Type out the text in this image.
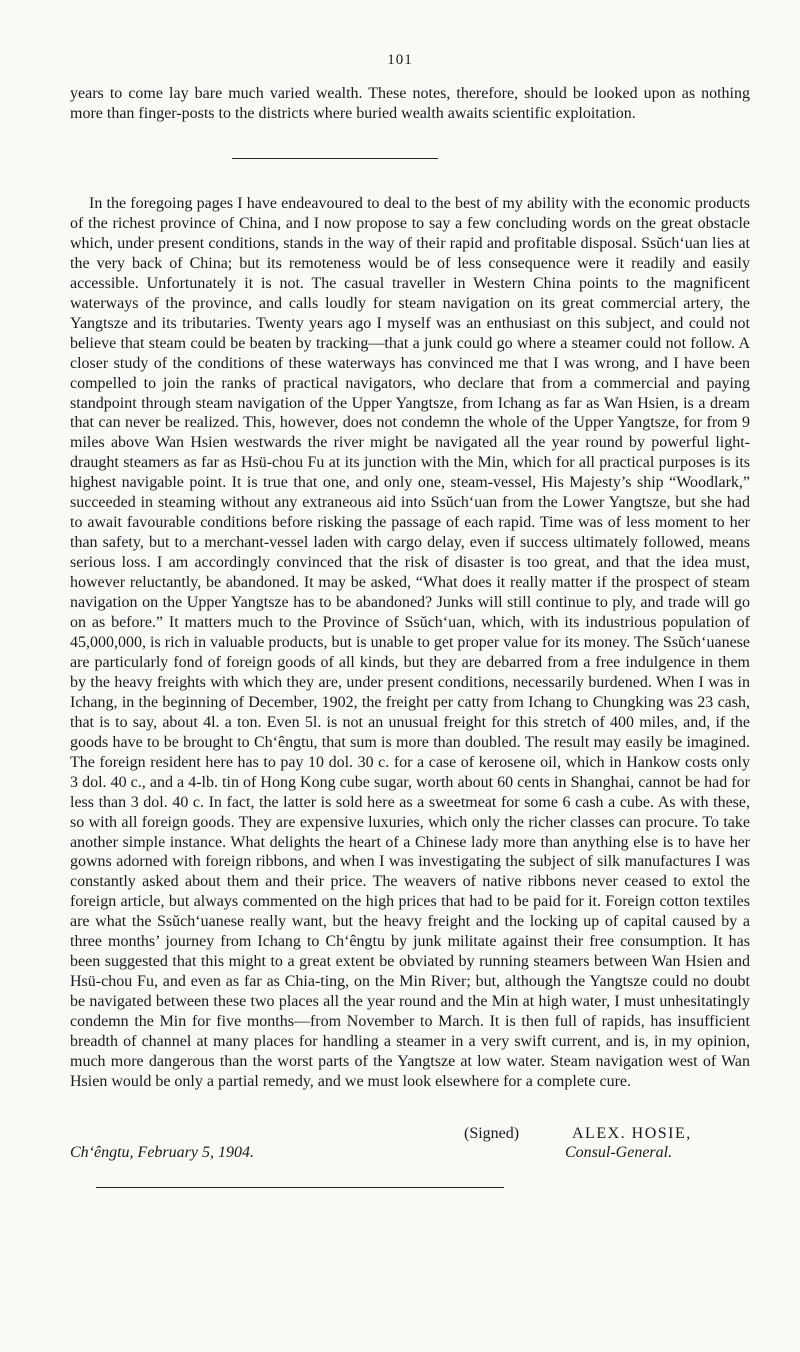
101
years to come lay bare much varied wealth. These notes, therefore, should be looked upon as nothing more than finger-posts to the districts where buried wealth awaits scientific exploitation.

In the foregoing pages I have endeavoured to deal to the best of my ability with the economic products of the richest province of China, and I now propose to say a few concluding words on the great obstacle which, under present conditions, stands in the way of their rapid and profitable disposal. Ssŭch‘uan lies at the very back of China; but its remoteness would be of less consequence were it readily and easily accessible. Unfortunately it is not. The casual traveller in Western China points to the magnificent waterways of the province, and calls loudly for steam navigation on its great commercial artery, the Yangtsze and its tributaries. Twenty years ago I myself was an enthusiast on this subject, and could not believe that steam could be beaten by tracking—that a junk could go where a steamer could not follow. A closer study of the conditions of these waterways has convinced me that I was wrong, and I have been compelled to join the ranks of practical navigators, who declare that from a commercial and paying standpoint through steam navigation of the Upper Yangtsze, from Ichang as far as Wan Hsien, is a dream that can never be realized. This, however, does not condemn the whole of the Upper Yangtsze, for from 9 miles above Wan Hsien westwards the river might be navigated all the year round by powerful light-draught steamers as far as Hsü-chou Fu at its junction with the Min, which for all practical purposes is its highest navigable point. It is true that one, and only one, steam-vessel, His Majesty’s ship “Woodlark,” succeeded in steaming without any extraneous aid into Ssŭch‘uan from the Lower Yangtsze, but she had to await favourable conditions before risking the passage of each rapid. Time was of less moment to her than safety, but to a merchant-vessel laden with cargo delay, even if success ultimately followed, means serious loss. I am accordingly convinced that the risk of disaster is too great, and that the idea must, however reluctantly, be abandoned. It may be asked, “What does it really matter if the prospect of steam navigation on the Upper Yangtsze has to be abandoned? Junks will still continue to ply, and trade will go on as before.” It matters much to the Province of Ssŭch‘uan, which, with its industrious population of 45,000,000, is rich in valuable products, but is unable to get proper value for its money. The Ssŭch‘uanese are particularly fond of foreign goods of all kinds, but they are debarred from a free indulgence in them by the heavy freights with which they are, under present conditions, necessarily burdened. When I was in Ichang, in the beginning of December, 1902, the freight per catty from Ichang to Chungking was 23 cash, that is to say, about 4l. a ton. Even 5l. is not an unusual freight for this stretch of 400 miles, and, if the goods have to be brought to Ch‘êngtu, that sum is more than doubled. The result may easily be imagined. The foreign resident here has to pay 10 dol. 30 c. for a case of kerosene oil, which in Hankow costs only 3 dol. 40 c., and a 4-lb. tin of Hong Kong cube sugar, worth about 60 cents in Shanghai, cannot be had for less than 3 dol. 40 c. In fact, the latter is sold here as a sweetmeat for some 6 cash a cube. As with these, so with all foreign goods. They are expensive luxuries, which only the richer classes can procure. To take another simple instance. What delights the heart of a Chinese lady more than anything else is to have her gowns adorned with foreign ribbons, and when I was investigating the subject of silk manufactures I was constantly asked about them and their price. The weavers of native ribbons never ceased to extol the foreign article, but always commented on the high prices that had to be paid for it. Foreign cotton textiles are what the Ssŭch‘uanese really want, but the heavy freight and the locking up of capital caused by a three months’ journey from Ichang to Ch‘êngtu by junk militate against their free consumption. It has been suggested that this might to a great extent be obviated by running steamers between Wan Hsien and Hsü-chou Fu, and even as far as Chia-ting, on the Min River; but, although the Yangtsze could no doubt be navigated between these two places all the year round and the Min at high water, I must unhesitatingly condemn the Min for five months—from November to March. It is then full of rapids, has insufficient breadth of channel at many places for handling a steamer in a very swift current, and is, in my opinion, much more dangerous than the worst parts of the Yangtsze at low water. Steam navigation west of Wan Hsien would be only a partial remedy, and we must look elsewhere for a complete cure.

(Signed)	ALEX. HOSIE,
Ch‘êngtu, February 5, 1904.	Consul-General.
